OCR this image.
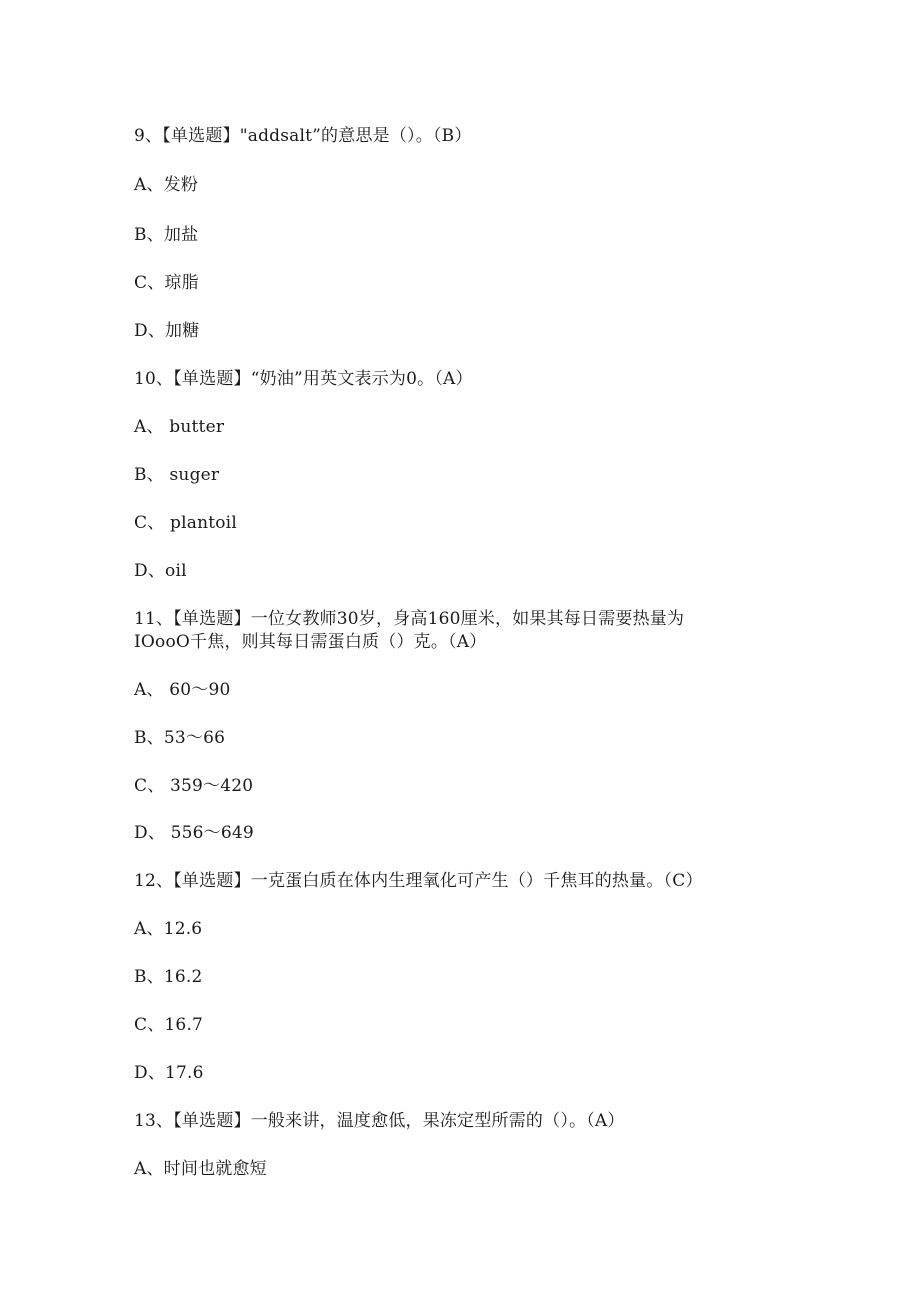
9、【单选题】"addsalt”的意思是（）。（B）
A、发粉
B、加盐
C、琼脂
D、加糖
10、【单选题】“奶油”用英文表示为0。（A）
A、 butter
B、 suger
C、 plantoil
D、oil
11、【单选题】一位女教师30岁，身高160厘米，如果其每日需要热量为
IOooO千焦，则其每日需蛋白质（）克。（A）
A、 60～90
B、53～66
C、 359～420
D、 556～649
12、【单选题】一克蛋白质在体内生理氧化可产生（）千焦耳的热量。（C）
A、12.6
B、16.2
C、16.7
D、17.6
13、【单选题】一般来讲，温度愈低，果冻定型所需的（）。（A）
A、时间也就愈短
